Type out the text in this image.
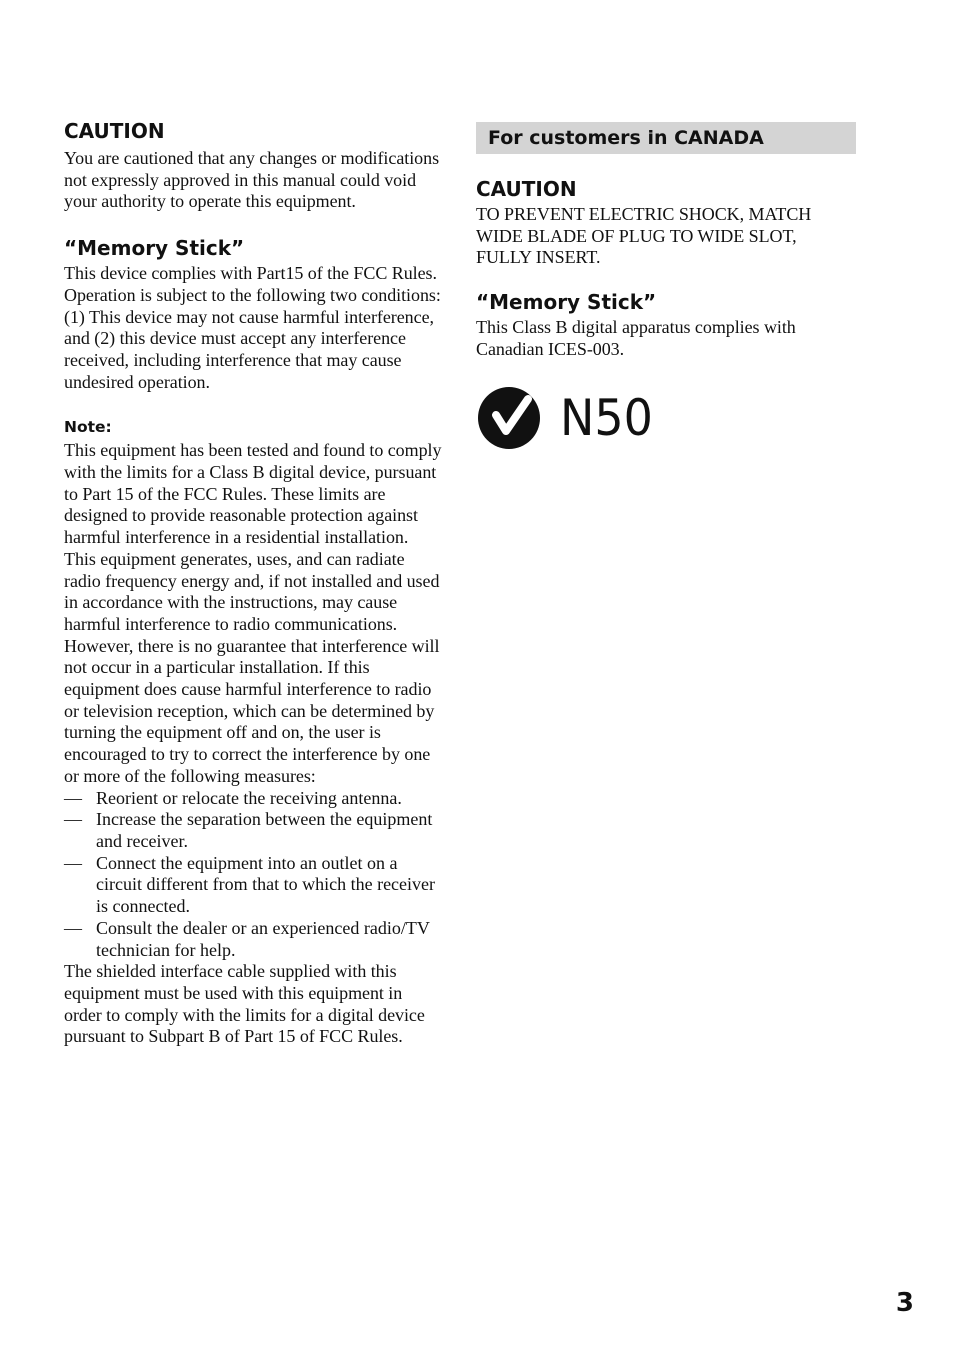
CAUTION

You are cautioned that any changes or modifications not expressly approved in this manual could void your authority to operate this equipment.

“Memory Stick”

This device complies with Part15 of the FCC Rules. Operation is subject to the following two conditions: (1) This device may not cause harmful interference, and (2) this device must accept any interference received, including interference that may cause undesired operation.

Note:

This equipment has been tested and found to comply with the limits for a Class B digital device, pursuant to Part 15 of the FCC Rules. These limits are designed to provide reasonable protection against harmful interference in a residential installation. This equipment generates, uses, and can radiate radio frequency energy and, if not installed and used in accordance with the instructions, may cause harmful interference to radio communications. However, there is no guarantee that interference will not occur in a particular installation. If this equipment does cause harmful interference to radio or television reception, which can be determined by turning the equipment off and on, the user is encouraged to try to correct the interference by one or more of the following measures:

— Reorient or relocate the receiving antenna.
— Increase the separation between the equipment and receiver.
— Connect the equipment into an outlet on a circuit different from that to which the receiver is connected.
— Consult the dealer or an experienced radio/TV technician for help.

The shielded interface cable supplied with this equipment must be used with this equipment in order to comply with the limits for a digital device pursuant to Subpart B of Part 15 of FCC Rules.

For customers in CANADA
CAUTION

TO PREVENT ELECTRIC SHOCK, MATCH WIDE BLADE OF PLUG TO WIDE SLOT, FULLY INSERT.

“Memory Stick”

This Class B digital apparatus complies with Canadian ICES-003.

N50
3
